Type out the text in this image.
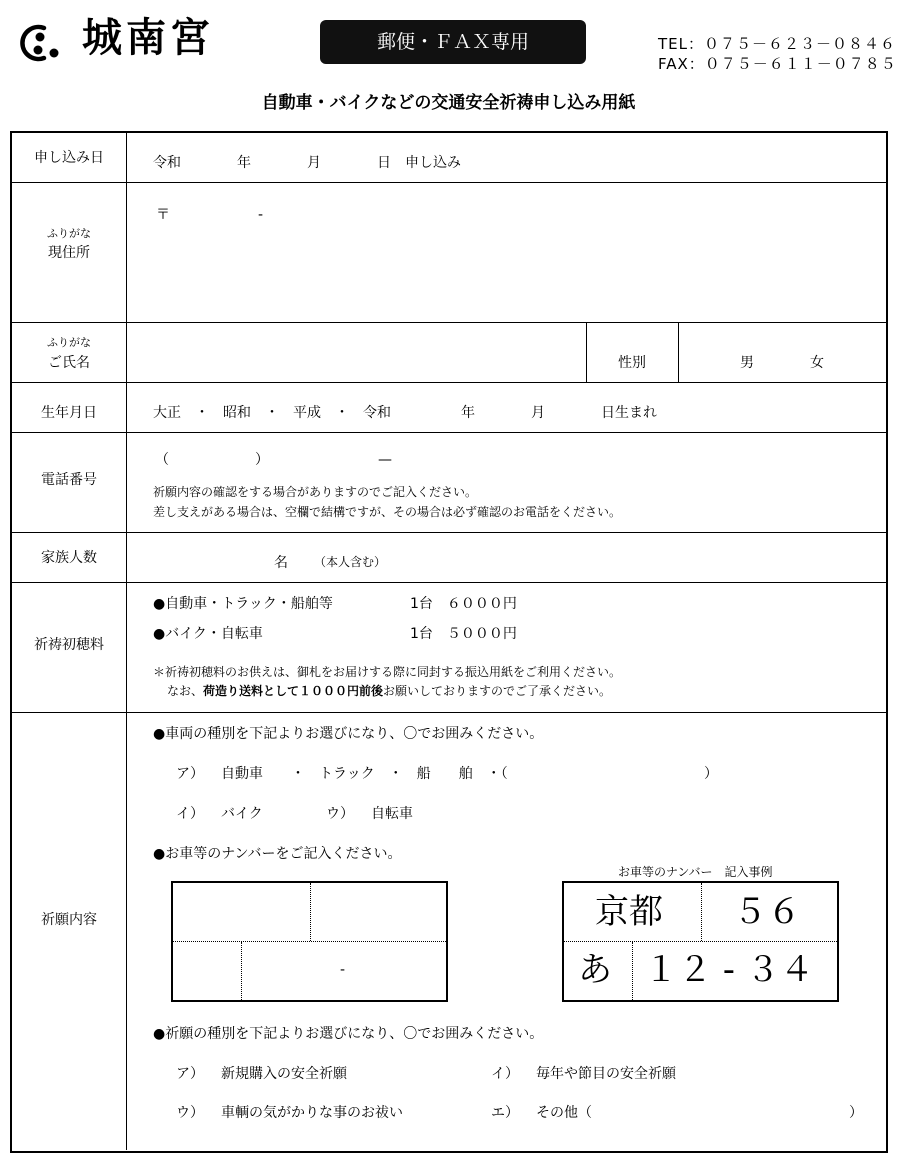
城南宮	郵便・ＦＡＸ専用	TEL：０７５－６２３－０８４６
FAX：０７５－６１１－０７８５
自動車・バイクなどの交通安全祈祷申し込み用紙
申し込み日	令和	年	月	日 申し込み
ふりがな
現住所
〒	-
ふりがな
ご氏名	性別	男	女
生年月日	大正　・　昭和　・　平成　・　令和	年	月	日生まれ
電話番号
（	）	—
祈願内容の確認をする場合がありますのでご記入ください。
差し支えがある場合は、空欄で結構ですが、その場合は必ず確認のお電話をください。
家族人数	名 （本人含む）
祈祷初穂料
●自動車・トラック・船舶等	1台　６０００円
●バイク・自転車	1台　５０００円
＊祈祷初穂料のお供えは、御札をお届けする際に同封する振込用紙をご利用ください。
なお、荷造り送料として１０００円前後お願いしておりますのでご了承ください。
祈願内容
●車両の種別を下記よりお選びになり、〇でお囲みください。
ア） 自動車　　・　トラック　・　船　　舶　・（	）
イ） バイク	ウ） 自転車
●お車等のナンバーをご記入ください。
-
お車等のナンバー　記入事例
京都 ５６
あ １２ - ３４
●祈願の種別を下記よりお選びになり、〇でお囲みください。
ア） 新規購入の安全祈願	イ） 毎年や節目の安全祈願
ウ） 車輌の気がかりな事のお祓い	エ） その他（	）
